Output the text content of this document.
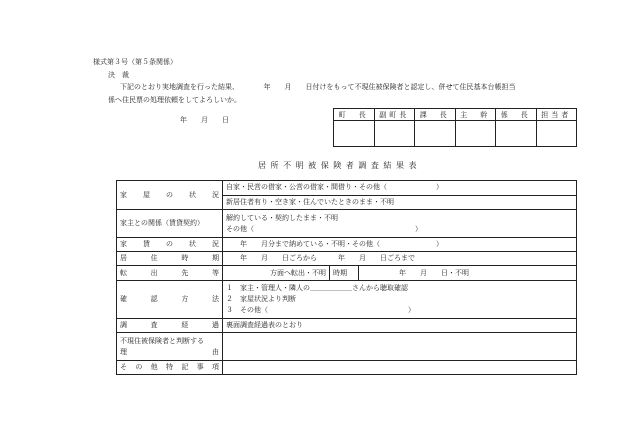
様式第３号（第５条関係）
決　裁
下記のとおり実地調査を行った結果、　　　　年　　月　　日付けをもって不現住被保険者と認定し、併せて住民基本台帳担当
係へ住民票の処理依頼をしてよろしいか。
年　　月　　日
町　長	副町長	課　長	主　幹	係　長	担当者

居 所 不 明 被 保 険 者 調 査 結 果 表
家屋の状況	
自家・民営の借家・公営の借家・間借り・その他（　　　　　　　）
新居住者有り・空き家・住んでいたときのまま・不明

家主との関係（賃貸契約）	
解約している・契約したまま・不明
その他（　　　　　　　　　　　　　　　　　　　　　　　）

家賃の状況	　　年　　月分まで納めている・不明・その他（　　　　　　　　）
居住時期	　　年　　月　　日ごろから　　　年　　月　　日ごろまで
転出先等		方面へ転出・不明	時期	年　　月　　日・不明

確認方法	
１　家主・管理人・隣人の＿＿＿＿＿＿さんから聴取確認
２　家屋状況より判断
３　その他（　　　　　　　　　　　　　　　　　　　　）

調査経過	裏面調査経過表のとおり

不現住被保険者と判断する
理	由

その他特記事項	
